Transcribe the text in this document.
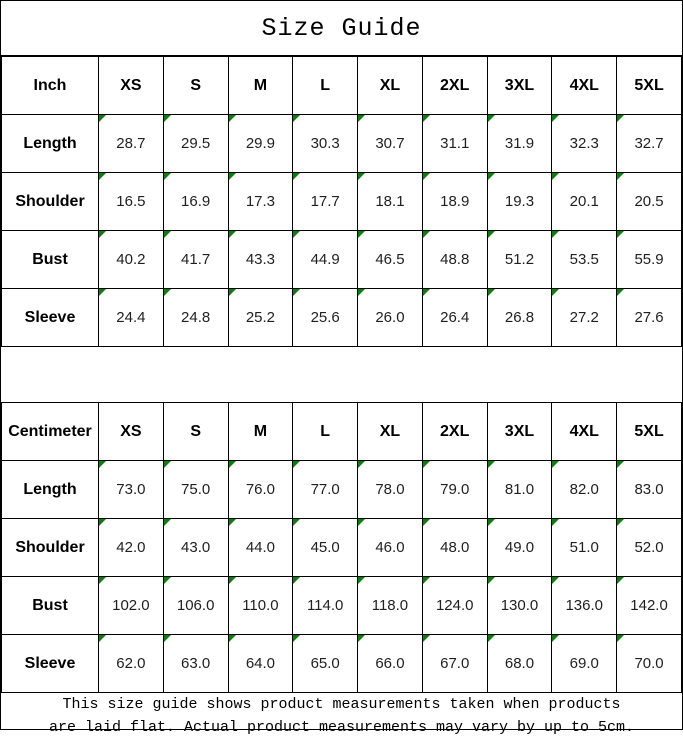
Size Guide
Inch	XS	S	M	L	XL	2XL	3XL	4XL	5XL
Length	28.7	29.5	29.9	30.3	30.7	31.1	31.9	32.3	32.7
Shoulder	16.5	16.9	17.3	17.7	18.1	18.9	19.3	20.1	20.5
Bust	40.2	41.7	43.3	44.9	46.5	48.8	51.2	53.5	55.9
Sleeve	24.4	24.8	25.2	25.6	26.0	26.4	26.8	27.2	27.6
Centimeter	XS	S	M	L	XL	2XL	3XL	4XL	5XL
Length	73.0	75.0	76.0	77.0	78.0	79.0	81.0	82.0	83.0
Shoulder	42.0	43.0	44.0	45.0	46.0	48.0	49.0	51.0	52.0
Bust	102.0	106.0	110.0	114.0	118.0	124.0	130.0	136.0	142.0
Sleeve	62.0	63.0	64.0	65.0	66.0	67.0	68.0	69.0	70.0
This size guide shows product measurements taken when products
are laid flat. Actual product measurements may vary by up to 5cm.
